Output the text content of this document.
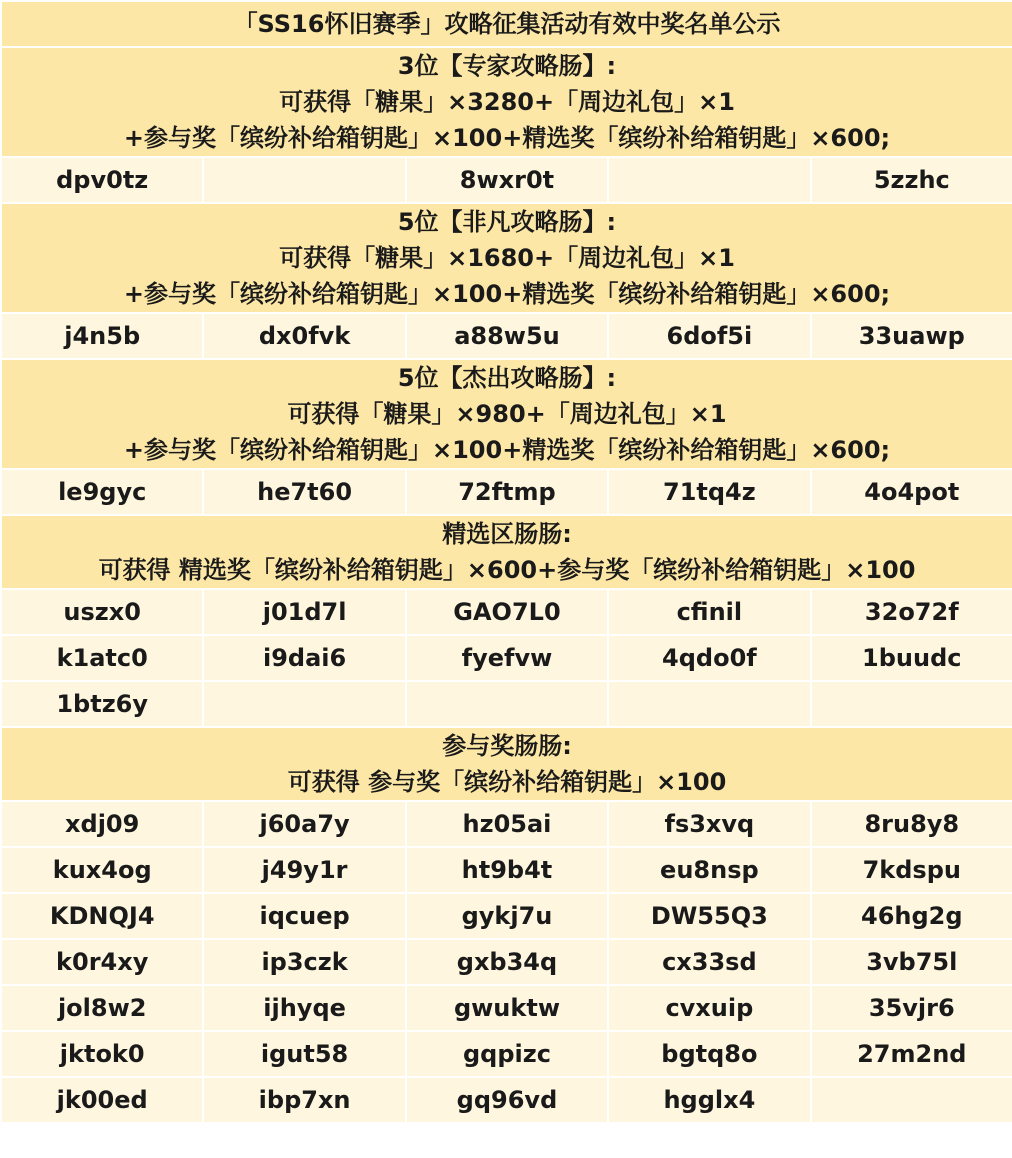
「SS16怀旧赛季」攻略征集活动有效中奖名单公示				

3位【专家攻略肠】:
可获得「糖果」×3280+「周边礼包」×1
+参与奖「缤纷补给箱钥匙」×100+精选奖「缤纷补给箱钥匙」×600;				

dpv0tz		8wxr0t		5zzhc

5位【非凡攻略肠】:
可获得「糖果」×1680+「周边礼包」×1
+参与奖「缤纷补给箱钥匙」×100+精选奖「缤纷补给箱钥匙」×600;				

j4n5b	dx0fvk	a88w5u	6dof5i	33uawp

5位【杰出攻略肠】:
可获得「糖果」×980+「周边礼包」×1
+参与奖「缤纷补给箱钥匙」×100+精选奖「缤纷补给箱钥匙」×600;				

le9gyc	he7t60	72ftmp	71tq4z	4o4pot

精选区肠肠:
可获得 精选奖「缤纷补给箱钥匙」×600+参与奖「缤纷补给箱钥匙」×100				

uszx0	j01d7l	GAO7L0	cfinil	32o72f
k1atc0	i9dai6	fyefvw	4qdo0f	1buudc
1btz6y				

参与奖肠肠:
可获得 参与奖「缤纷补给箱钥匙」×100				

xdj09	j60a7y	hz05ai	fs3xvq	8ru8y8
kux4og	j49y1r	ht9b4t	eu8nsp	7kdspu
KDNQJ4	iqcuep	gykj7u	DW55Q3	46hg2g
k0r4xy	ip3czk	gxb34q	cx33sd	3vb75l
jol8w2	ijhyqe	gwuktw	cvxuip	35vjr6
jktok0	igut58	gqpizc	bgtq8o	27m2nd
jk00ed	ibp7xn	gq96vd	hgglx4	
